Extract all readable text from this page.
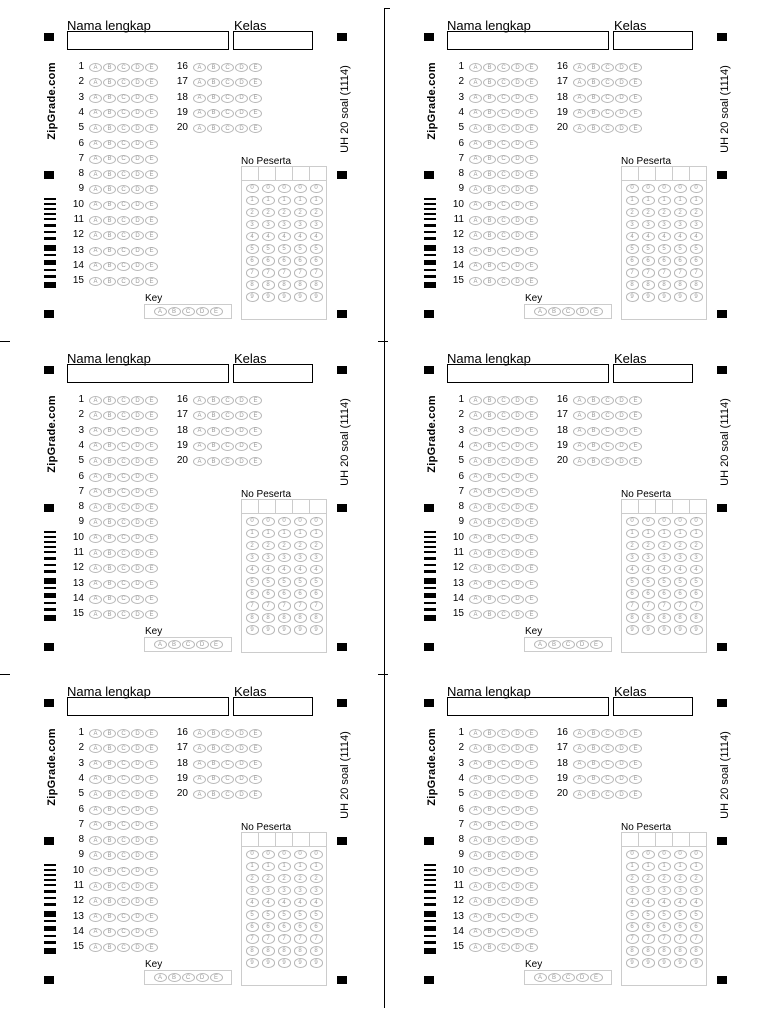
Nama lengkap	Kelas
ZipGrade.com	UH 20 soal (1114)
1	A	B	C	D	E
2	A	B	C	D	E
3	A	B	C	D	E
4	A	B	C	D	E
5	A	B	C	D	E
6	A	B	C	D	E
7	A	B	C	D	E
8	A	B	C	D	E
9	A	B	C	D	E
10	A	B	C	D	E
11	A	B	C	D	E
12	A	B	C	D	E
13	A	B	C	D	E
14	A	B	C	D	E
15	A	B	C	D	E
16	A	B	C	D	E
17	A	B	C	D	E
18	A	B	C	D	E
19	A	B	C	D	E
20	A	B	C	D	E
No Peserta
0	0	0	0	0
1	1	1	1	1
2	2	2	2	2
3	3	3	3	3
4	4	4	4	4
5	5	5	5	5
6	6	6	6	6
7	7	7	7	7
8	8	8	8	8
9	9	9	9	9
Key
A	B	C	D	E
Nama lengkap	Kelas
ZipGrade.com	UH 20 soal (1114)
1	A	B	C	D	E
2	A	B	C	D	E
3	A	B	C	D	E
4	A	B	C	D	E
5	A	B	C	D	E
6	A	B	C	D	E
7	A	B	C	D	E
8	A	B	C	D	E
9	A	B	C	D	E
10	A	B	C	D	E
11	A	B	C	D	E
12	A	B	C	D	E
13	A	B	C	D	E
14	A	B	C	D	E
15	A	B	C	D	E
16	A	B	C	D	E
17	A	B	C	D	E
18	A	B	C	D	E
19	A	B	C	D	E
20	A	B	C	D	E
No Peserta
0	0	0	0	0
1	1	1	1	1
2	2	2	2	2
3	3	3	3	3
4	4	4	4	4
5	5	5	5	5
6	6	6	6	6
7	7	7	7	7
8	8	8	8	8
9	9	9	9	9
Key
A	B	C	D	E
Nama lengkap	Kelas
ZipGrade.com	UH 20 soal (1114)
1	A	B	C	D	E
2	A	B	C	D	E
3	A	B	C	D	E
4	A	B	C	D	E
5	A	B	C	D	E
6	A	B	C	D	E
7	A	B	C	D	E
8	A	B	C	D	E
9	A	B	C	D	E
10	A	B	C	D	E
11	A	B	C	D	E
12	A	B	C	D	E
13	A	B	C	D	E
14	A	B	C	D	E
15	A	B	C	D	E
16	A	B	C	D	E
17	A	B	C	D	E
18	A	B	C	D	E
19	A	B	C	D	E
20	A	B	C	D	E
No Peserta
0	0	0	0	0
1	1	1	1	1
2	2	2	2	2
3	3	3	3	3
4	4	4	4	4
5	5	5	5	5
6	6	6	6	6
7	7	7	7	7
8	8	8	8	8
9	9	9	9	9
Key
A	B	C	D	E
Nama lengkap	Kelas
ZipGrade.com	UH 20 soal (1114)
1	A	B	C	D	E
2	A	B	C	D	E
3	A	B	C	D	E
4	A	B	C	D	E
5	A	B	C	D	E
6	A	B	C	D	E
7	A	B	C	D	E
8	A	B	C	D	E
9	A	B	C	D	E
10	A	B	C	D	E
11	A	B	C	D	E
12	A	B	C	D	E
13	A	B	C	D	E
14	A	B	C	D	E
15	A	B	C	D	E
16	A	B	C	D	E
17	A	B	C	D	E
18	A	B	C	D	E
19	A	B	C	D	E
20	A	B	C	D	E
No Peserta
0	0	0	0	0
1	1	1	1	1
2	2	2	2	2
3	3	3	3	3
4	4	4	4	4
5	5	5	5	5
6	6	6	6	6
7	7	7	7	7
8	8	8	8	8
9	9	9	9	9
Key
A	B	C	D	E
Nama lengkap	Kelas
ZipGrade.com	UH 20 soal (1114)
1	A	B	C	D	E
2	A	B	C	D	E
3	A	B	C	D	E
4	A	B	C	D	E
5	A	B	C	D	E
6	A	B	C	D	E
7	A	B	C	D	E
8	A	B	C	D	E
9	A	B	C	D	E
10	A	B	C	D	E
11	A	B	C	D	E
12	A	B	C	D	E
13	A	B	C	D	E
14	A	B	C	D	E
15	A	B	C	D	E
16	A	B	C	D	E
17	A	B	C	D	E
18	A	B	C	D	E
19	A	B	C	D	E
20	A	B	C	D	E
No Peserta
0	0	0	0	0
1	1	1	1	1
2	2	2	2	2
3	3	3	3	3
4	4	4	4	4
5	5	5	5	5
6	6	6	6	6
7	7	7	7	7
8	8	8	8	8
9	9	9	9	9
Key
A	B	C	D	E
Nama lengkap	Kelas
ZipGrade.com	UH 20 soal (1114)
1	A	B	C	D	E
2	A	B	C	D	E
3	A	B	C	D	E
4	A	B	C	D	E
5	A	B	C	D	E
6	A	B	C	D	E
7	A	B	C	D	E
8	A	B	C	D	E
9	A	B	C	D	E
10	A	B	C	D	E
11	A	B	C	D	E
12	A	B	C	D	E
13	A	B	C	D	E
14	A	B	C	D	E
15	A	B	C	D	E
16	A	B	C	D	E
17	A	B	C	D	E
18	A	B	C	D	E
19	A	B	C	D	E
20	A	B	C	D	E
No Peserta
0	0	0	0	0
1	1	1	1	1
2	2	2	2	2
3	3	3	3	3
4	4	4	4	4
5	5	5	5	5
6	6	6	6	6
7	7	7	7	7
8	8	8	8	8
9	9	9	9	9
Key
A	B	C	D	E
